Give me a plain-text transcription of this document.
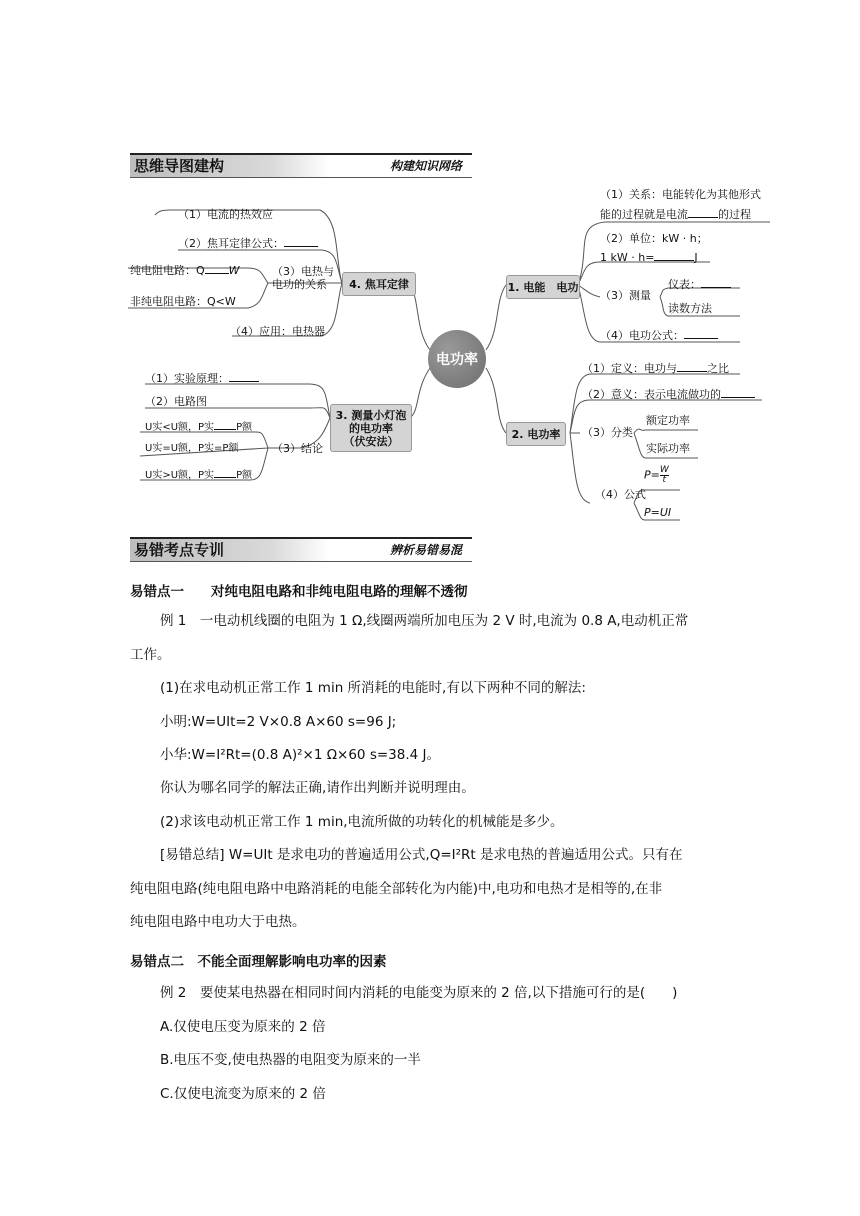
思维导图建构	构建知识网络
电功率
4. 焦耳定律	1. 电能　电功
2. 电功率
3. 测量小灯泡
的电功率
（伏安法）
（1）电流的热效应
（2）焦耳定律公式：
（3）电热与
电功的关系
纯电阻电路：Q W
非纯电阻电路：Q<W
（4）应用：电热器
（1）关系：电能转化为其他形式
能的过程就是电流	的过程
（2）单位：kW · h；
1 kW · h=	J
（3）测量
仪表：
读数方法
（4）电功公式：
（1）定义：电功与	之比
（2）意义：表示电流做功的
（3）分类
额定功率
实际功率
（4）公式
$P= \frac{W}{t}$
P=UI
（1）实验原理：
（2）电路图
（3）结论
U实<U额，P实 P额
U实=U额，P实=P额
U实>U额，P实 P额
易错考点专训	辨析易错易混
易错点一　　对纯电阻电路和非纯电阻电路的理解不透彻
例 1　一电动机线圈的电阻为 1 Ω,线圈两端所加电压为 2 V 时,电流为 0.8 A,电动机正常
工作。
(1)在求电动机正常工作 1 min 所消耗的电能时,有以下两种不同的解法:
小明:W=UIt=2 V×0.8 A×60 s=96 J;
小华:W=I²Rt=(0.8 A)²×1 Ω×60 s=38.4 J。
你认为哪名同学的解法正确,请作出判断并说明理由。
(2)求该电动机正常工作 1 min,电流所做的功转化的机械能是多少。
[易错总结] W=UIt 是求电功的普遍适用公式,Q=I²Rt 是求电热的普遍适用公式。只有在
纯电阻电路(纯电阻电路中电路消耗的电能全部转化为内能)中,电功和电热才是相等的,在非
纯电阻电路中电功大于电热。
易错点二　不能全面理解影响电功率的因素
例 2　要使某电热器在相同时间内消耗的电能变为原来的 2 倍,以下措施可行的是(　　)
A.仅使电压变为原来的 2 倍
B.电压不变,使电热器的电阻变为原来的一半
C.仅使电流变为原来的 2 倍
